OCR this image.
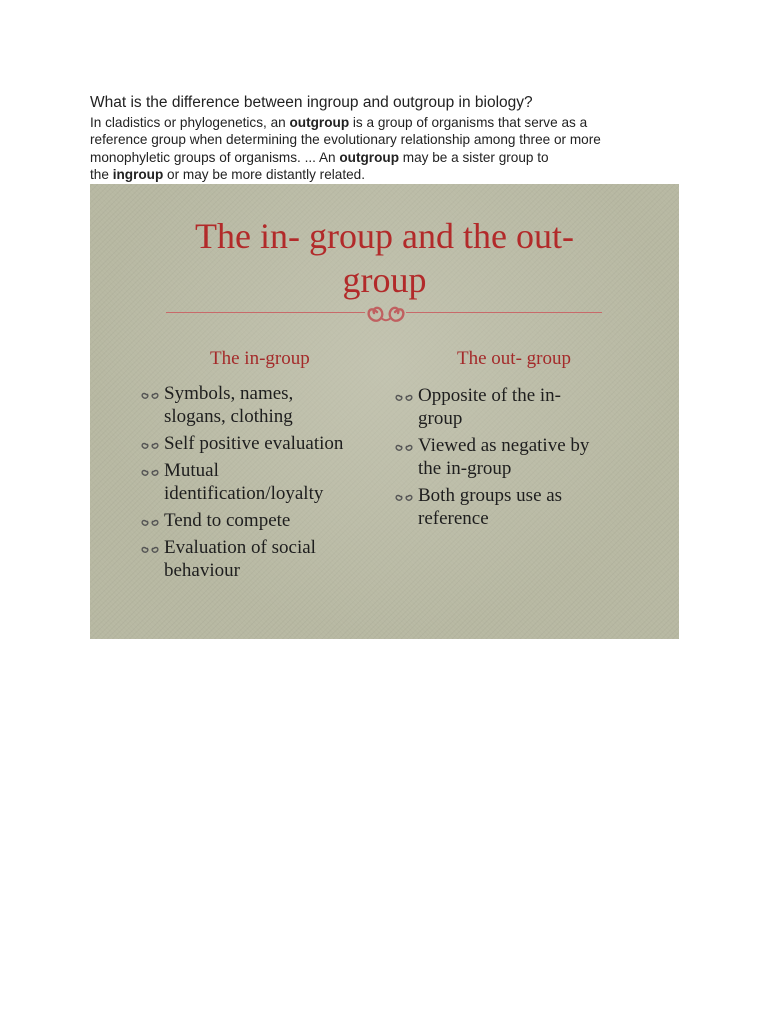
What is the difference between ingroup and outgroup in biology?
In cladistics or phylogenetics, an outgroup is a group of organisms that serve as a
reference group when determining the evolutionary relationship among three or more
monophyletic groups of organisms. ... An outgroup may be a sister group to
the ingroup or may be more distantly related.
The in- group and the out-
group
The in-group	The out- group
Symbols, names,
slogans, clothing
Self positive evaluation
Mutual
identification/loyalty
Tend to compete
Evaluation of social
behaviour
Opposite of the in-
group
Viewed as negative by
the in-group
Both groups use as
reference
